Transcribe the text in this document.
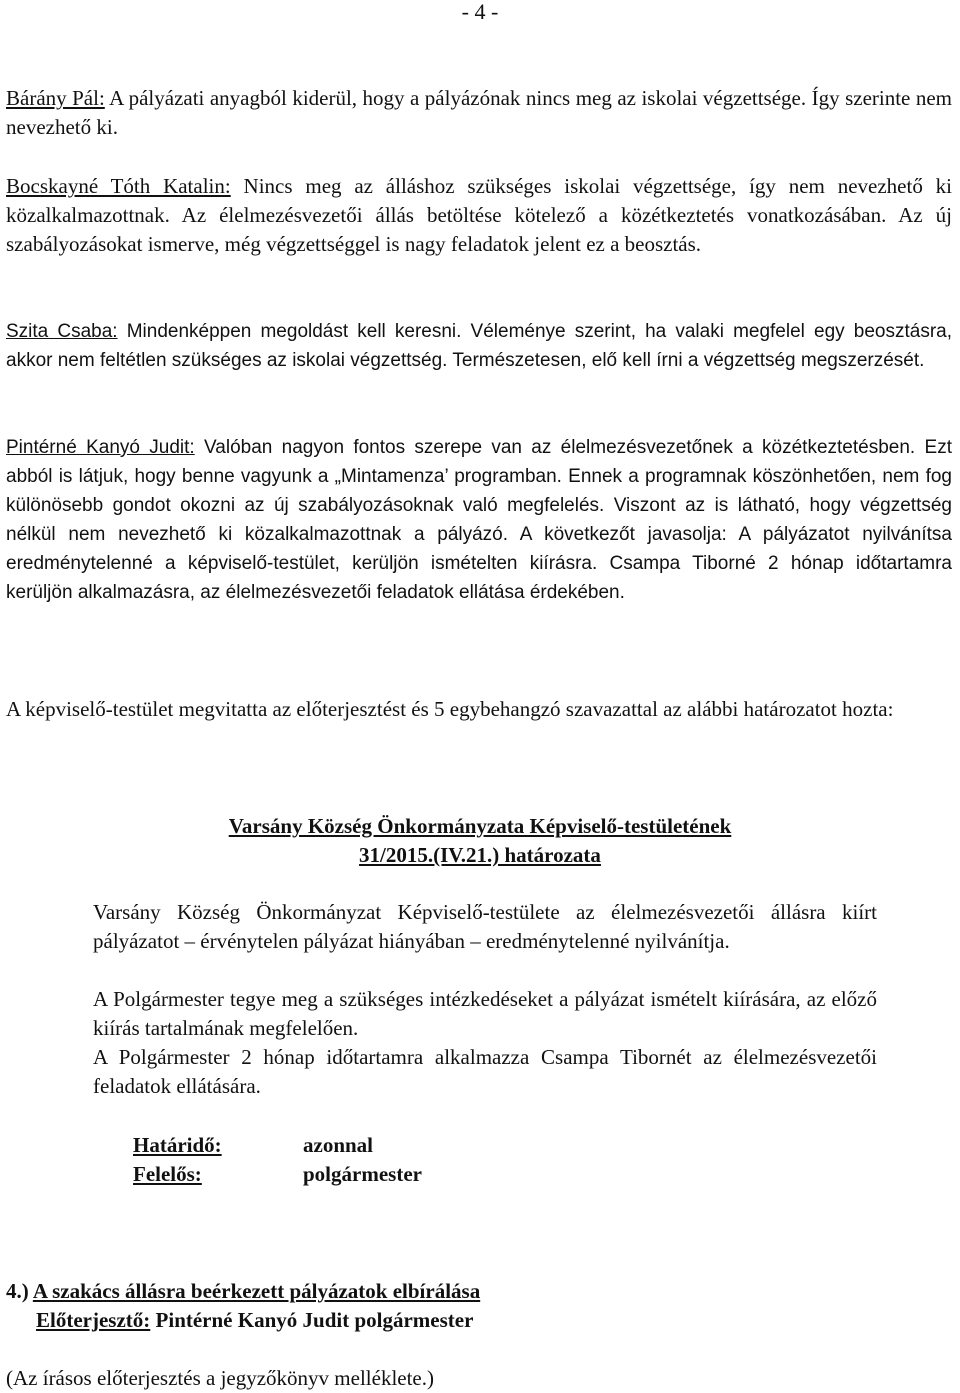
- 4 -

Bárány Pál: A pályázati anyagból kiderül, hogy a pályázónak nincs meg az iskolai végzettsége. Így szerinte nem nevezhető ki.

Bocskayné Tóth Katalin: Nincs meg az álláshoz szükséges iskolai végzettsége, így nem nevezhető ki közalkalmazottnak. Az élelmezésvezetői állás betöltése kötelező a közétkeztetés vonatkozásában. Az új szabályozásokat ismerve, még végzettséggel is nagy feladatok jelent ez a beosztás.

Szita Csaba: Mindenképpen megoldást kell keresni. Véleménye szerint, ha valaki megfelel egy beosztásra, akkor nem feltétlen szükséges az iskolai végzettség. Természetesen, elő kell írni a végzettség megszerzését.

Pintérné Kanyó Judit: Valóban nagyon fontos szerepe van az élelmezésvezetőnek a közétkeztetésben. Ezt abból is látjuk, hogy benne vagyunk a „Mintamenza’ programban. Ennek a programnak köszönhetően, nem fog különösebb gondot okozni az új szabályozásoknak való megfelelés. Viszont az is látható, hogy végzettség nélkül nem nevezhető ki közalkalmazottnak a pályázó. A következőt javasolja: A pályázatot nyilvánítsa eredménytelenné a képviselő-testület, kerüljön ismételten kiírásra. Csampa Tiborné 2 hónap időtartamra kerüljön alkalmazásra, az élelmezésvezetői feladatok ellátása érdekében.

A képviselő-testület megvitatta az előterjesztést és 5 egybehangzó szavazattal az alábbi határozatot hozta:

Varsány Község Önkormányzata Képviselő-testületének
31/2015.(IV.21.) határozata

Varsány Község Önkormányzat Képviselő-testülete az élelmezésvezetői állásra kiírt pályázatot – érvénytelen pályázat hiányában – eredménytelenné nyilvánítja.

A Polgármester tegye meg a szükséges intézkedéseket a pályázat ismételt kiírására, az előző kiírás tartalmának megfelelően.

A Polgármester 2 hónap időtartamra alkalmazza Csampa Tibornét az élelmezésvezetői feladatok ellátására.

Határidő:	azonnal
Felelős:	polgármester
4.) A szakács állásra beérkezett pályázatok elbírálása
Előterjesztő: Pintérné Kanyó Judit polgármester
(Az írásos előterjesztés a jegyzőkönyv melléklete.)
